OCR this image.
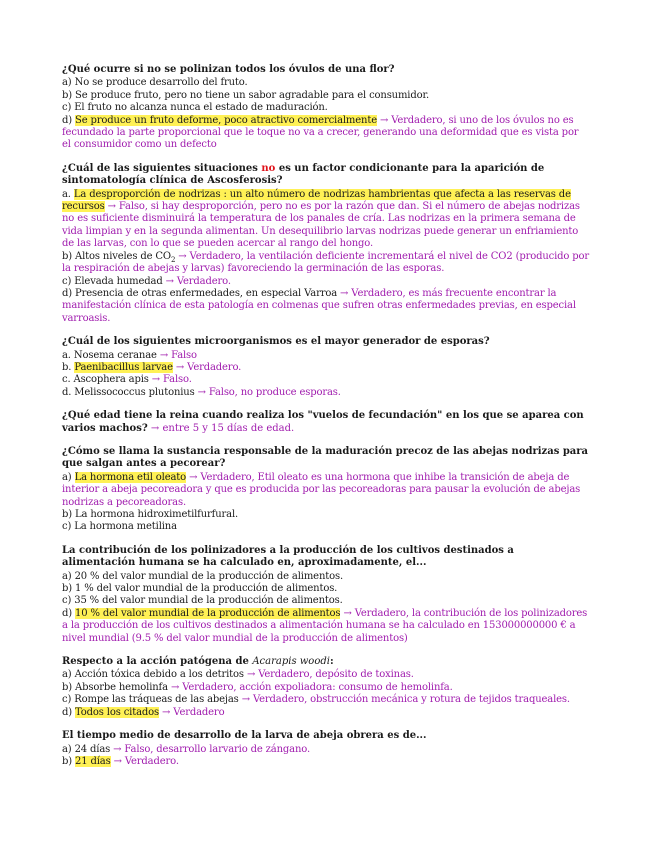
¿Qué ocurre si no se polinizan todos los óvulos de una flor?
a) No se produce desarrollo del fruto.
b) Se produce fruto, pero no tiene un sabor agradable para el consumidor.
c) El fruto no alcanza nunca el estado de maduración.
d) Se produce un fruto deforme, poco atractivo comercialmente → Verdadero, si uno de los óvulos no es fecundado la parte proporcional que le toque no va a crecer, generando una deformidad que es vista por el consumidor como un defecto
¿Cuál de las siguientes situaciones no es un factor condicionante para la aparición de sintomatología clínica de Ascosferosis?
a. La desproporción de nodrizas : un alto número de nodrizas hambrientas que afecta a las reservas de recursos → Falso, si hay desproporción, pero no es por la razón que dan. Si el número de abejas nodrizas no es suficiente disminuirá la temperatura de los panales de cría. Las nodrizas en la primera semana de vida limpian y en la segunda alimentan. Un desequilibrio larvas nodrizas puede generar un enfriamiento de las larvas, con lo que se pueden acercar al rango del hongo.
b) Altos niveles de $CO_2$ → Verdadero, la ventilación deficiente incrementará el nivel de CO2 (producido por la respiración de abejas y larvas) favoreciendo la germinación de las esporas.
c) Elevada humedad → Verdadero.
d) Presencia de otras enfermedades, en especial Varroa → Verdadero, es más frecuente encontrar la manifestación clínica de esta patología en colmenas que sufren otras enfermedades previas, en especial varroasis.
¿Cuál de los siguientes microorganismos es el mayor generador de esporas?
a. Nosema ceranae → Falso
b. Paenibacillus larvae → Verdadero.
c. Ascophera apis → Falso.
d. Melissococcus plutonius → Falso, no produce esporas.
¿Qué edad tiene la reina cuando realiza los "vuelos de fecundación" en los que se aparea con varios machos? → entre 5 y 15 días de edad.
¿Cómo se llama la sustancia responsable de la maduración precoz de las abejas nodrizas para que salgan antes a pecorear?
a) La hormona etil oleato → Verdadero, Etil oleato es una hormona que inhibe la transición de abeja de interior a abeja pecoreadora y que es producida por las pecoreadoras para pausar la evolución de abejas nodrizas a pecoreadoras.
b) La hormona hidroximetilfurfural.
c) La hormona metilina
La contribución de los polinizadores a la producción de los cultivos destinados a alimentación humana se ha calculado en, aproximadamente, el...
a) 20 % del valor mundial de la producción de alimentos.
b) 1 % del valor mundial de la producción de alimentos.
c) 35 % del valor mundial de la producción de alimentos.
d) 10 % del valor mundial de la producción de alimentos → Verdadero, la contribución de los polinizadores a la producción de los cultivos destinados a alimentación humana se ha calculado en 153000000000 € a nivel mundial (9.5 % del valor mundial de la producción de alimentos)
Respecto a la acción patógena de Acarapis woodi:
a) Acción tóxica debido a los detritos → Verdadero, depósito de toxinas.
b) Absorbe hemolinfa → Verdadero, acción expoliadora: consumo de hemolinfa.
c) Rompe las tráqueas de las abejas → Verdadero, obstrucción mecánica y rotura de tejidos traqueales.
d) Todos los citados → Verdadero
El tiempo medio de desarrollo de la larva de abeja obrera es de...
a) 24 días → Falso, desarrollo larvario de zángano.
b) 21 días → Verdadero.
